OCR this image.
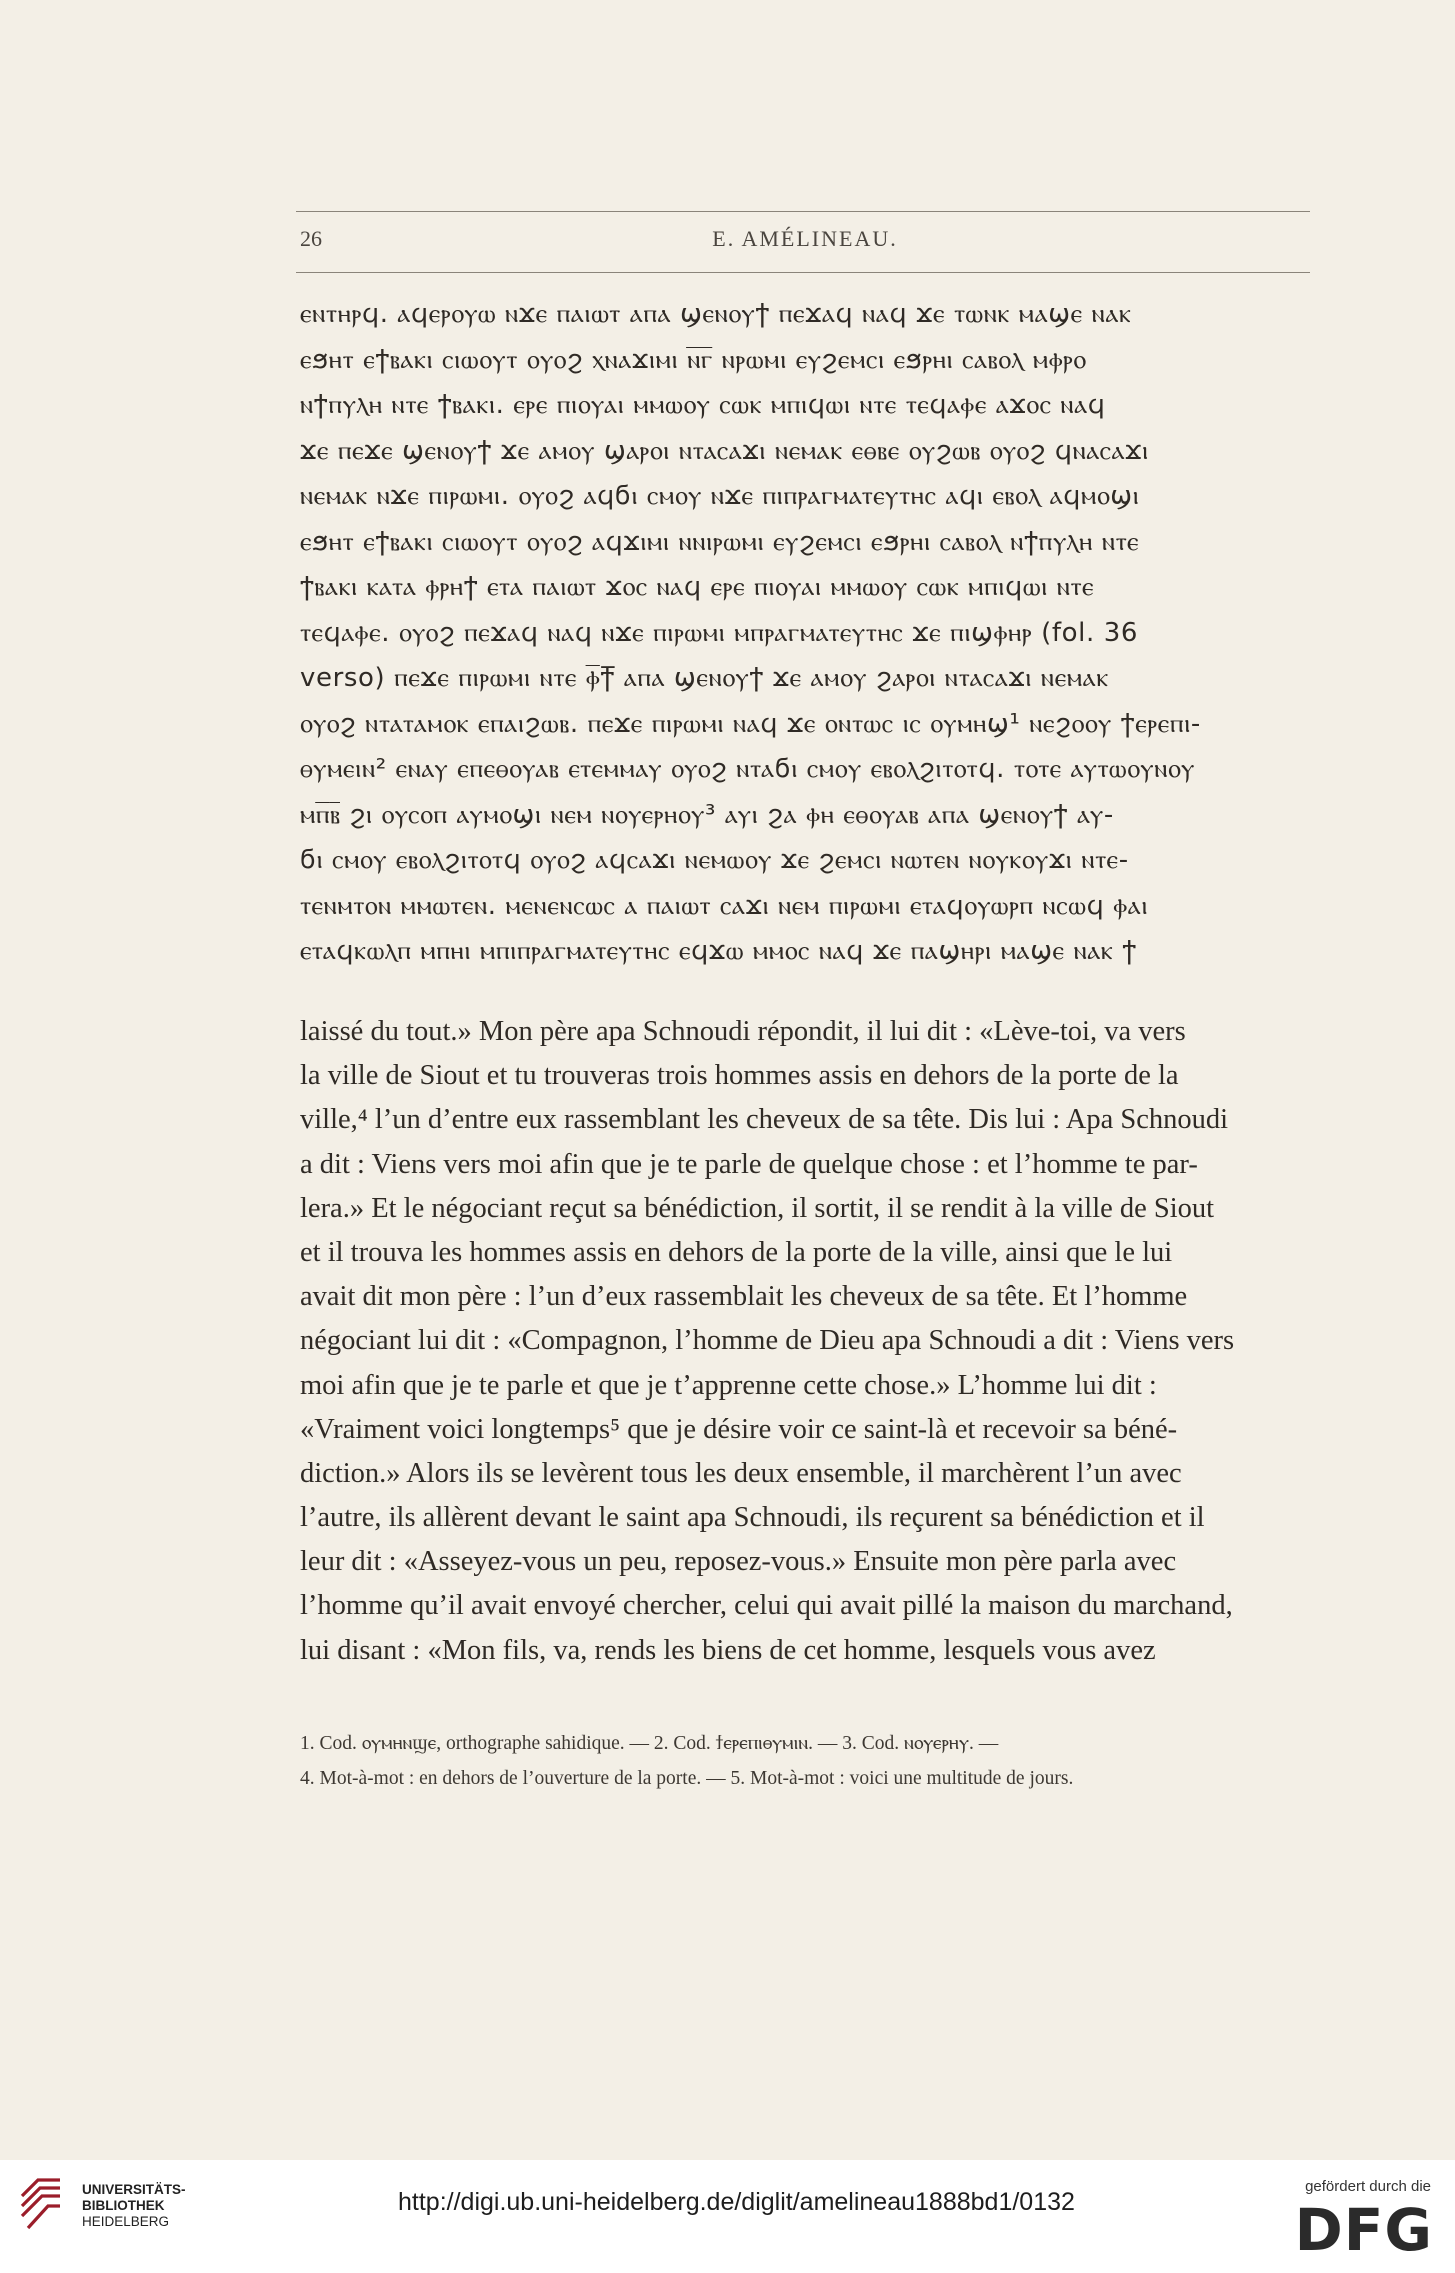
26	E. AMÉLINEAU.
ⲉⲛⲧⲏⲣϥ. ⲁϥⲉⲣⲟⲩⲱ ⲛϫⲉ ⲡⲁⲓⲱⲧ ⲁⲡⲁ ϣⲉⲛⲟⲩϯ ⲡⲉϫⲁϥ ⲛⲁϥ ϫⲉ ⲧⲱⲛⲕ ⲙⲁϣⲉ ⲛⲁⲕ
ⲉϧⲏⲧ ⲉϯⲃⲁⲕⲓ ⲥⲓⲱⲟⲩⲧ ⲟⲩⲟϩ ⲭⲛⲁϫⲓⲙⲓ ⲛ̅ⲅ̅ ⲛⲣⲱⲙⲓ ⲉⲩϩⲉⲙⲥⲓ ⲉϧⲣⲏⲓ ⲥⲁⲃⲟⲗ ⲙⲫⲣⲟ
ⲛϯⲡⲩⲗⲏ ⲛⲧⲉ ϯⲃⲁⲕⲓ. ⲉⲣⲉ ⲡⲓⲟⲩⲁⲓ ⲙⲙⲱⲟⲩ ⲥⲱⲕ ⲙⲡⲓϥⲱⲓ ⲛⲧⲉ ⲧⲉϥⲁⲫⲉ ⲁϫⲟⲥ ⲛⲁϥ
ϫⲉ ⲡⲉϫⲉ ϣⲉⲛⲟⲩϯ ϫⲉ ⲁⲙⲟⲩ ϣⲁⲣⲟⲓ ⲛⲧⲁⲥⲁϫⲓ ⲛⲉⲙⲁⲕ ⲉⲑⲃⲉ ⲟⲩϩⲱⲃ ⲟⲩⲟϩ ϥⲛⲁⲥⲁϫⲓ
ⲛⲉⲙⲁⲕ ⲛϫⲉ ⲡⲓⲣⲱⲙⲓ. ⲟⲩⲟϩ ⲁϥϭⲓ ⲥⲙⲟⲩ ⲛϫⲉ ⲡⲓⲡⲣⲁⲅⲙⲁⲧⲉⲩⲧⲏⲥ ⲁϥⲓ ⲉⲃⲟⲗ ⲁϥⲙⲟϣⲓ
ⲉϧⲏⲧ ⲉϯⲃⲁⲕⲓ ⲥⲓⲱⲟⲩⲧ ⲟⲩⲟϩ ⲁϥϫⲓⲙⲓ ⲛⲛⲓⲣⲱⲙⲓ ⲉⲩϩⲉⲙⲥⲓ ⲉϧⲣⲏⲓ ⲥⲁⲃⲟⲗ ⲛϯⲡⲩⲗⲏ ⲛⲧⲉ
ϯⲃⲁⲕⲓ ⲕⲁⲧⲁ ⲫⲣⲏϯ ⲉⲧⲁ ⲡⲁⲓⲱⲧ ϫⲟⲥ ⲛⲁϥ ⲉⲣⲉ ⲡⲓⲟⲩⲁⲓ ⲙⲙⲱⲟⲩ ⲥⲱⲕ ⲙⲡⲓϥⲱⲓ ⲛⲧⲉ
ⲧⲉϥⲁⲫⲉ. ⲟⲩⲟϩ ⲡⲉϫⲁϥ ⲛⲁϥ ⲛϫⲉ ⲡⲓⲣⲱⲙⲓ ⲙⲡⲣⲁⲅⲙⲁⲧⲉⲩⲧⲏⲥ ϫⲉ ⲡⲓϣⲫⲏⲣ (fol. 36
verso) ⲡⲉϫⲉ ⲡⲓⲣⲱⲙⲓ ⲛⲧⲉ ⲫ̅ϯ̅ ⲁⲡⲁ ϣⲉⲛⲟⲩϯ ϫⲉ ⲁⲙⲟⲩ ϩⲁⲣⲟⲓ ⲛⲧⲁⲥⲁϫⲓ ⲛⲉⲙⲁⲕ
ⲟⲩⲟϩ ⲛⲧⲁⲧⲁⲙⲟⲕ ⲉⲡⲁⲓϩⲱⲃ. ⲡⲉϫⲉ ⲡⲓⲣⲱⲙⲓ ⲛⲁϥ ϫⲉ ⲟⲛⲧⲱⲥ ⲓⲥ ⲟⲩⲙⲏϣ¹ ⲛⲉϩⲟⲟⲩ ϯⲉⲣⲉⲡⲓ-
ⲑⲩⲙⲉⲓⲛ² ⲉⲛⲁⲩ ⲉⲡⲉⲑⲟⲩⲁⲃ ⲉⲧⲉⲙⲙⲁⲩ ⲟⲩⲟϩ ⲛⲧⲁϭⲓ ⲥⲙⲟⲩ ⲉⲃⲟⲗϩⲓⲧⲟⲧϥ. ⲧⲟⲧⲉ ⲁⲩⲧⲱⲟⲩⲛⲟⲩ
ⲙⲡ̅ⲃ̅ ϩⲓ ⲟⲩⲥⲟⲡ ⲁⲩⲙⲟϣⲓ ⲛⲉⲙ ⲛⲟⲩⲉⲣⲏⲟⲩ³ ⲁⲩⲓ ϩⲁ ⲫⲏ ⲉⲑⲟⲩⲁⲃ ⲁⲡⲁ ϣⲉⲛⲟⲩϯ ⲁⲩ-
ϭⲓ ⲥⲙⲟⲩ ⲉⲃⲟⲗϩⲓⲧⲟⲧϥ ⲟⲩⲟϩ ⲁϥⲥⲁϫⲓ ⲛⲉⲙⲱⲟⲩ ϫⲉ ϩⲉⲙⲥⲓ ⲛⲱⲧⲉⲛ ⲛⲟⲩⲕⲟⲩϫⲓ ⲛⲧⲉ-
ⲧⲉⲛⲙⲧⲟⲛ ⲙⲙⲱⲧⲉⲛ. ⲙⲉⲛⲉⲛⲥⲱⲥ ⲁ ⲡⲁⲓⲱⲧ ⲥⲁϫⲓ ⲛⲉⲙ ⲡⲓⲣⲱⲙⲓ ⲉⲧⲁϥⲟⲩⲱⲣⲡ ⲛⲥⲱϥ ⲫⲁⲓ
ⲉⲧⲁϥⲕⲱⲗⲡ ⲙⲡⲏⲓ ⲙⲡⲓⲡⲣⲁⲅⲙⲁⲧⲉⲩⲧⲏⲥ ⲉϥϫⲱ ⲙⲙⲟⲥ ⲛⲁϥ ϫⲉ ⲡⲁϣⲏⲣⲓ ⲙⲁϣⲉ ⲛⲁⲕ ϯ
laissé du tout.» Mon père apa Schnoudi répondit, il lui dit : «Lève-toi, va vers
la ville de Siout et tu trouveras trois hommes assis en dehors de la porte de la
ville,⁴ l’un d’entre eux rassemblant les cheveux de sa tête. Dis lui : Apa Schnoudi
a dit : Viens vers moi afin que je te parle de quelque chose : et l’homme te par-
lera.» Et le négociant reçut sa bénédiction, il sortit, il se rendit à la ville de Siout
et il trouva les hommes assis en dehors de la porte de la ville, ainsi que le lui
avait dit mon père : l’un d’eux rassemblait les cheveux de sa tête. Et l’homme
négociant lui dit : «Compagnon, l’homme de Dieu apa Schnoudi a dit : Viens vers
moi afin que je te parle et que je t’apprenne cette chose.» L’homme lui dit :
«Vraiment voici longtemps⁵ que je désire voir ce saint-là et recevoir sa béné-
diction.» Alors ils se levèrent tous les deux ensemble, il marchèrent l’un avec
l’autre, ils allèrent devant le saint apa Schnoudi, ils reçurent sa bénédiction et il
leur dit : «Asseyez-vous un peu, reposez-vous.» Ensuite mon père parla avec
l’homme qu’il avait envoyé chercher, celui qui avait pillé la maison du marchand,
lui disant : «Mon fils, va, rends les biens de cet homme, lesquels vous avez
1. Cod. ⲟⲩⲙⲏⲛϣⲉ, orthographe sahidique. — 2. Cod. ϯⲉⲣⲉⲡⲓⲑⲩⲙⲓⲛ. — 3. Cod. ⲛⲟⲩⲉⲣⲏⲩ. —
4. Mot-à-mot : en dehors de l’ouverture de la porte. — 5. Mot-à-mot : voici une multitude de jours.
UNIVERSITÄTS-
BIBLIOTHEK
HEIDELBERG
http://digi.ub.uni-heidelberg.de/diglit/amelineau1888bd1/0132
gefördert durch die
DFG
